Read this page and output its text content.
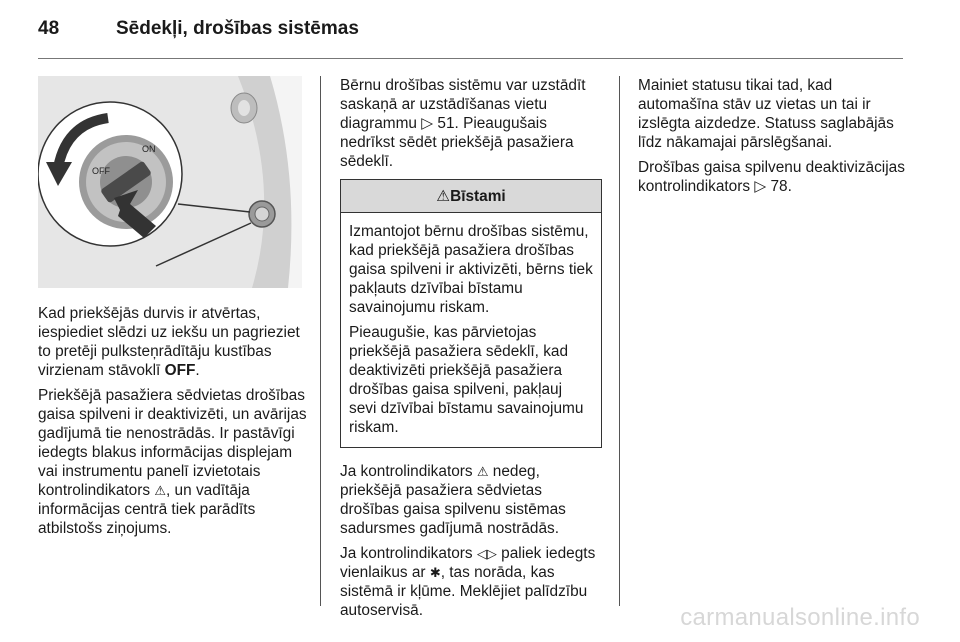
48	Sēdekļi, drošības sistēmas
ON
OFF

Kad priekšējās durvis ir atvērtas, iespiediet slēdzi uz iekšu un pagrieziet to pretēji pulksteņrādītāju kustības virzienam stāvoklī OFF.

Priekšējā pasažiera sēdvietas drošības gaisa spilveni ir deaktivizēti, un avārijas gadījumā tie nenostrādās. Ir pastāvīgi iedegts blakus informācijas displejam vai instrumentu panelī izvietotais kontrolindikators ⚠, un vadītāja informācijas centrā tiek parādīts atbilstošs ziņojums.

Bērnu drošības sistēmu var uzstādīt saskaņā ar uzstādīšanas vietu diagrammu ▷ 51. Pieaugušais nedrīkst sēdēt priekšējā pasažiera sēdeklī.

⚠Bīstami

Izmantojot bērnu drošības sistēmu, kad priekšējā pasažiera drošības gaisa spilveni ir aktivizēti, bērns tiek pakļauts dzīvībai bīstamu savainojumu riskam.

Pieaugušie, kas pārvietojas priekšējā pasažiera sēdeklī, kad deaktivizēti priekšējā pasažiera drošības gaisa spilveni, pakļauj sevi dzīvībai bīstamu savainojumu riskam.

Ja kontrolindikators ⚠ nedeg, priekšējā pasažiera sēdvietas drošības gaisa spilvenu sistēmas sadursmes gadījumā nostrādās.

Ja kontrolindikators ◁▷ paliek iedegts vienlaikus ar ✱, tas norāda, kas sistēmā ir kļūme. Meklējiet palīdzību autoservisā.

Mainiet statusu tikai tad, kad automašīna stāv uz vietas un tai ir izslēgta aizdedze. Statuss saglabājās līdz nākamajai pārslēgšanai.

Drošības gaisa spilvenu deaktivizācijas kontrolindikators ▷ 78.

carmanualsonline.info
